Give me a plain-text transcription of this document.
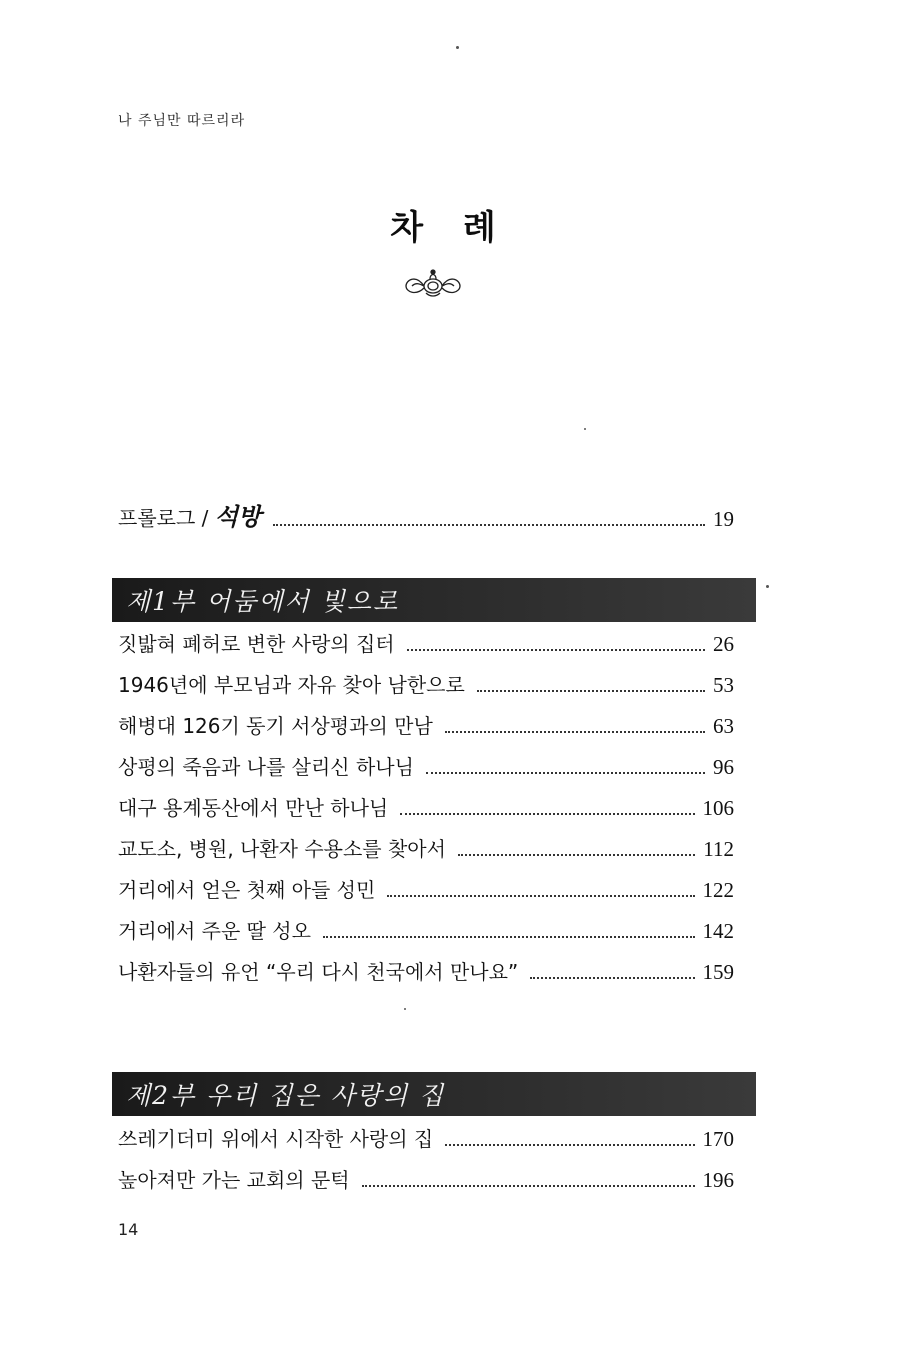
나 주님만 따르리라
차 례
프롤로그 / 석방	19
제1부 어둠에서 빛으로
짓밟혀 폐허로 변한 사랑의 집터	26
1946년에 부모님과 자유 찾아 남한으로	53
해병대 126기 동기 서상평과의 만남	63
상평의 죽음과 나를 살리신 하나님	96
대구 용계동산에서 만난 하나님	106
교도소, 병원, 나환자 수용소를 찾아서	112
거리에서 얻은 첫째 아들 성민	122
거리에서 주운 딸 성오	142
나환자들의 유언 “우리 다시 천국에서 만나요”	159
제2부 우리 집은 사랑의 집
쓰레기더미 위에서 시작한 사랑의 집	170
높아져만 가는 교회의 문턱	196
14
